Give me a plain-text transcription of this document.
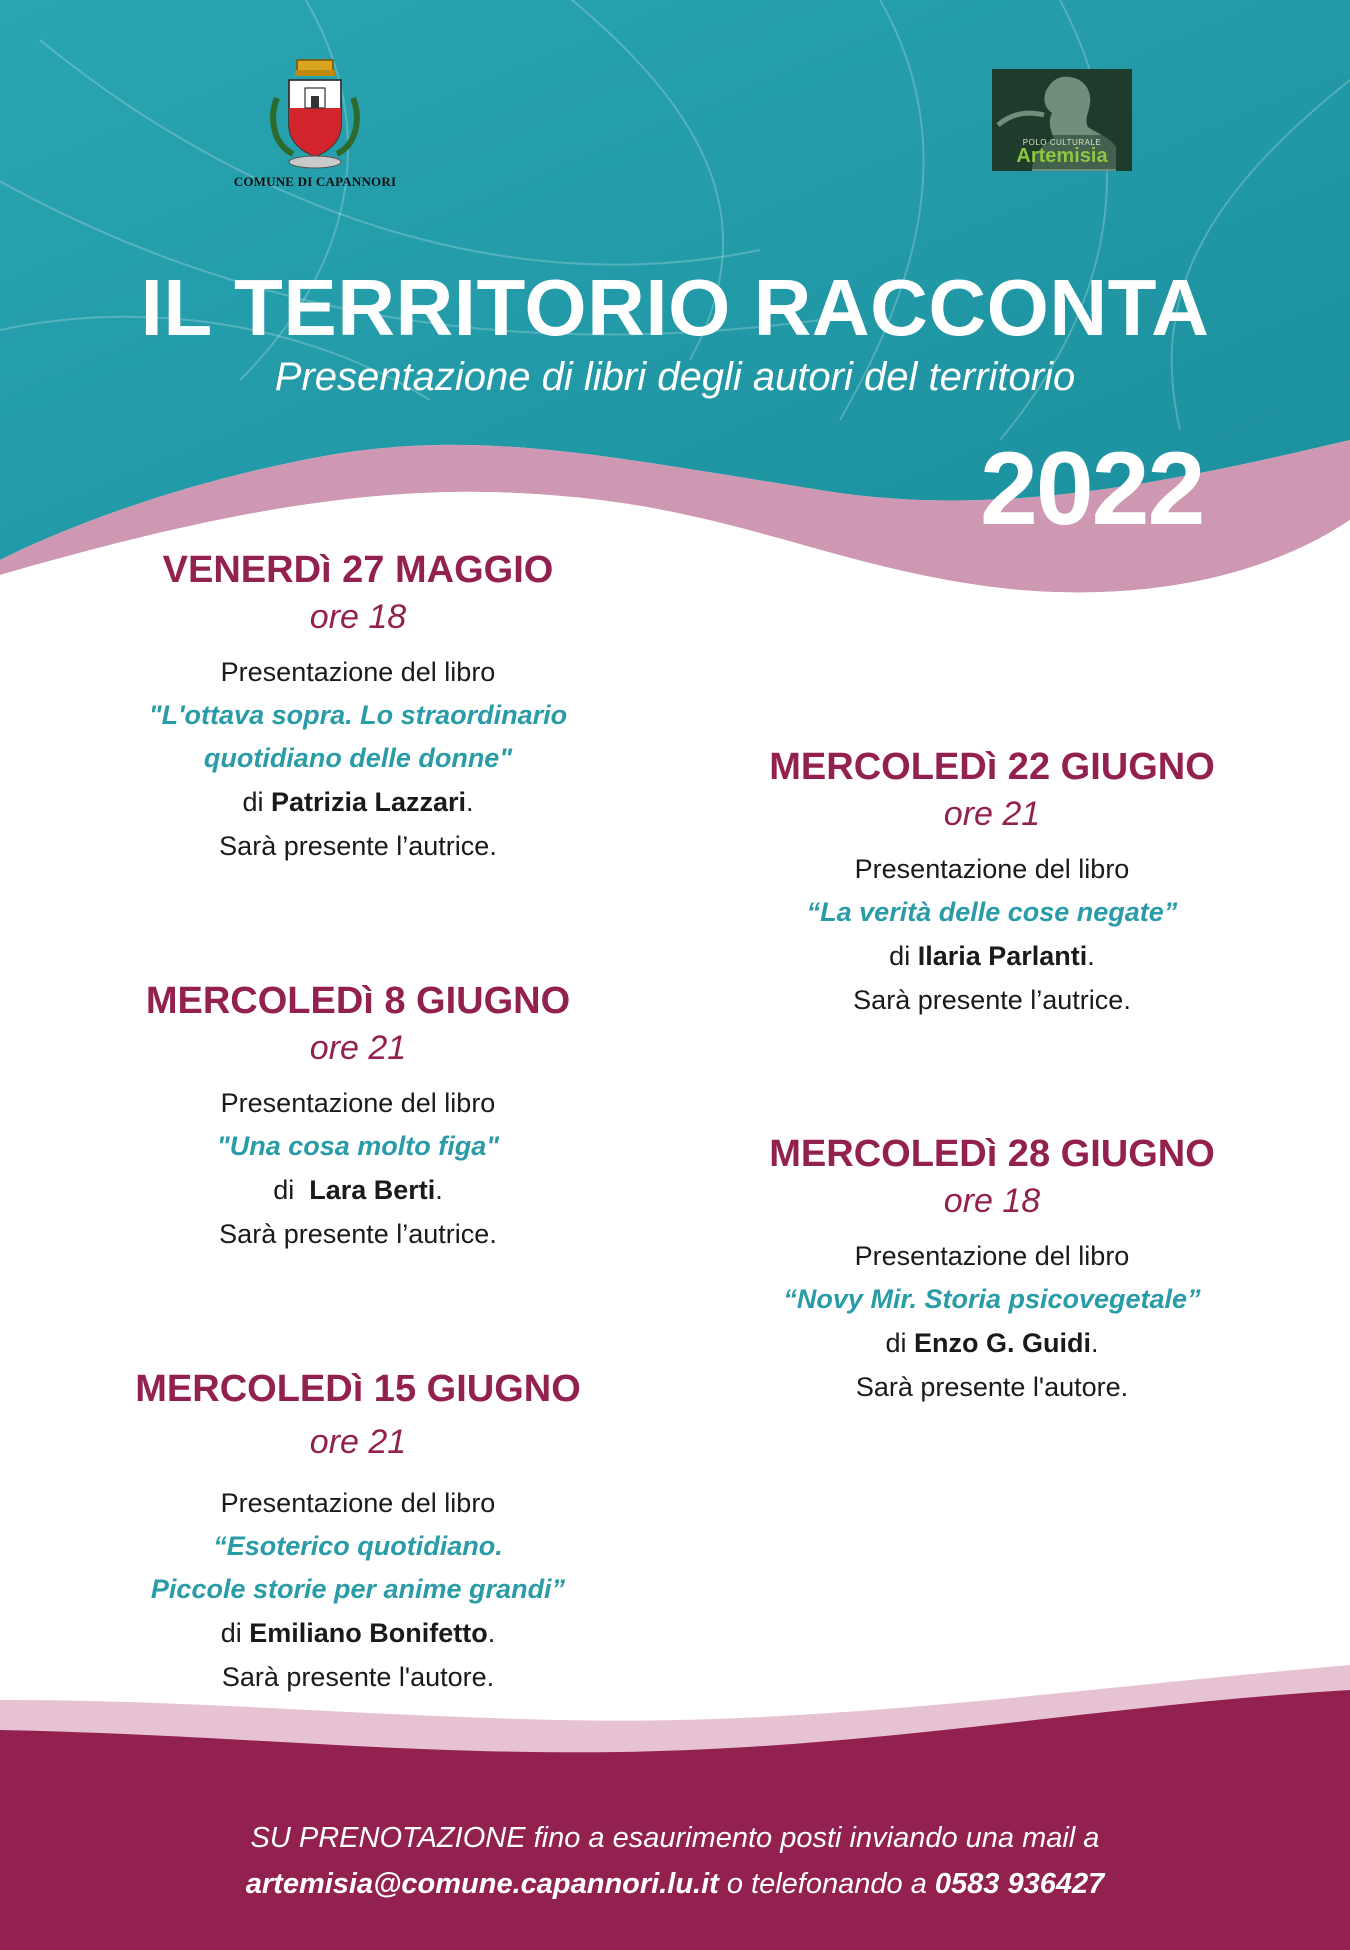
COMUNE DI CAPANNORI
POLO CULTURALE
Artemisia
IL TERRITORIO RACCONTA
Presentazione di libri degli autori del territorio
2022
VENERDì 27 MAGGIO
ore 18
Presentazione del libro
"L'ottava sopra. Lo straordinario
quotidiano delle donne"
di Patrizia Lazzari.
Sarà presente l’autrice.
MERCOLEDì 8 GIUGNO
ore 21
Presentazione del libro
"Una cosa molto figa"
di Lara Berti.
Sarà presente l’autrice.
MERCOLEDì 15 GIUGNO
ore 21
Presentazione del libro
“Esoterico quotidiano.
Piccole storie per anime grandi”
di Emiliano Bonifetto.
Sarà presente l'autore.
MERCOLEDì 22 GIUGNO
ore 21
Presentazione del libro
“La verità delle cose negate”
di Ilaria Parlanti.
Sarà presente l’autrice.
MERCOLEDì 28 GIUGNO
ore 18
Presentazione del libro
“Novy Mir. Storia psicovegetale”
di Enzo G. Guidi.
Sarà presente l'autore.
SU PRENOTAZIONE fino a esaurimento posti inviando una mail a
artemisia@comune.capannori.lu.it o telefonando a 0583 936427
